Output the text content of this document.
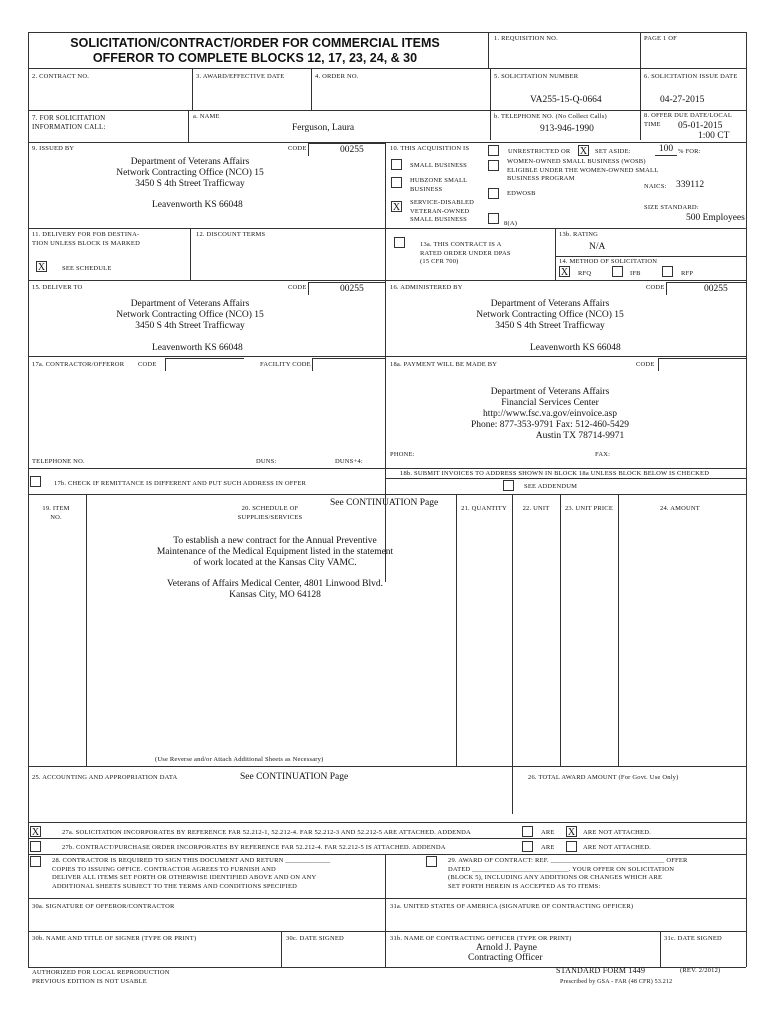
SOLICITATION/CONTRACT/ORDER FOR COMMERCIAL ITEMS
OFFEROR TO COMPLETE BLOCKS 12, 17, 23, 24, & 30
1. REQUISITION NO.	PAGE 1 OF
2. CONTRACT NO.	3. AWARD/EFFECTIVE DATE	4. ORDER NO.	5. SOLICITATION NUMBER
VA255-15-Q-0664
6. SOLICITATION ISSUE DATE
04-27-2015
7. FOR SOLICITATION INFORMATION CALL:
a. NAME
Ferguson, Laura
b. TELEPHONE NO. (No Collect Calls)
913-946-1990
8. OFFER DUE DATE/LOCAL TIME	05-01-2015
1:00 CT
9. ISSUED BY	CODE	00255
Department of Veterans Affairs
Network Contracting Office (NCO) 15
3450 S 4th Street Trafficway
Leavenworth KS 66048
10. THIS ACQUISITION IS	UNRESTRICTED OR X SET ASIDE:	100 % FOR:
SMALL BUSINESS
HUBZONE SMALL BUSINESS
X SERVICE-DISABLED VETERAN-OWNED SMALL BUSINESS
WOMEN-OWNED SMALL BUSINESS (WOSB) ELIGIBLE UNDER THE WOMEN-OWNED SMALL BUSINESS PROGRAM
EDWOSB
8(A)
NAICS: 339112
SIZE STANDARD:
500 Employees
11. DELIVERY FOR FOB DESTINA-TION UNLESS BLOCK IS MARKED
X	SEE SCHEDULE
12. DISCOUNT TERMS
13a. THIS CONTRACT IS A RATED ORDER UNDER DPAS (15 CFR 700)
13b. RATING
N/A
14. METHOD OF SOLICITATION
X RFQ	IFB	RFP
15. DELIVER TO	CODE	00255
Department of Veterans Affairs
Network Contracting Office (NCO) 15
3450 S 4th Street Trafficway
Leavenworth KS 66048
16. ADMINISTERED BY	CODE	00255
Department of Veterans Affairs
Network Contracting Office (NCO) 15
3450 S 4th Street Trafficway
Leavenworth KS 66048
17a. CONTRACTOR/OFFEROR CODE	FACILITY CODE
TELEPHONE NO.	DUNS:	DUNS+4:
17b. CHECK IF REMITTANCE IS DIFFERENT AND PUT SUCH ADDRESS IN OFFER
18a. PAYMENT WILL BE MADE BY	CODE
Department of Veterans Affairs
Financial Services Center
http://www.fsc.va.gov/einvoice.asp
Phone: 877-353-9791 Fax: 512-460-5429
Austin TX 78714-9971
PHONE:	FAX:
18b. SUBMIT INVOICES TO ADDRESS SHOWN IN BLOCK 18a UNLESS BLOCK BELOW IS CHECKED
SEE ADDENDUM
19. ITEM NO.
20. SCHEDULE OF SUPPLIES/SERVICES
See CONTINUATION Page
21. QUANTITY	22. UNIT	23. UNIT PRICE	24. AMOUNT
To establish a new contract for the Annual Preventive
Maintenance of the Medical Equipment listed in the statement
of work located at the Kansas City VAMC.
Veterans of Affairs Medical Center, 4801 Linwood Blvd.
Kansas City, MO 64128
(Use Reverse and/or Attach Additional Sheets as Necessary)
25. ACCOUNTING AND APPROPRIATION DATA	See CONTINUATION Page	26. TOTAL AWARD AMOUNT (For Govt. Use Only)
X	27a. SOLICITATION INCORPORATES BY REFERENCE FAR 52.212-1, 52.212-4. FAR 52.212-3 AND 52.212-5 ARE ATTACHED. ADDENDA	ARE X ARE NOT ATTACHED.
27b. CONTRACT/PURCHASE ORDER INCORPORATES BY REFERENCE FAR 52.212-4. FAR 52.212-5 IS ATTACHED. ADDENDA	ARE	ARE NOT ATTACHED.
28. CONTRACTOR IS REQUIRED TO SIGN THIS DOCUMENT AND RETURN _____________
COPIES TO ISSUING OFFICE. CONTRACTOR AGREES TO FURNISH AND
DELIVER ALL ITEMS SET FORTH OR OTHERWISE IDENTIFIED ABOVE AND ON ANY
ADDITIONAL SHEETS SUBJECT TO THE TERMS AND CONDITIONS SPECIFIED
29. AWARD OF CONTRACT: REF. _________________________________ OFFER
DATED ____________________________. YOUR OFFER ON SOLICITATION
(BLOCK 5), INCLUDING ANY ADDITIONS OR CHANGES WHICH ARE
SET FORTH HEREIN IS ACCEPTED AS TO ITEMS:
30a. SIGNATURE OF OFFEROR/CONTRACTOR	31a. UNITED STATES OF AMERICA (SIGNATURE OF CONTRACTING OFFICER)
30b. NAME AND TITLE OF SIGNER (TYPE OR PRINT)	30c. DATE SIGNED	31b. NAME OF CONTRACTING OFFICER (TYPE OR PRINT)
Arnold J. Payne
Contracting Officer
31c. DATE SIGNED
AUTHORIZED FOR LOCAL REPRODUCTION
PREVIOUS EDITION IS NOT USABLE
STANDARD FORM 1449	(REV. 2/2012)
Prescribed by GSA - FAR (48 CFR) 53.212
